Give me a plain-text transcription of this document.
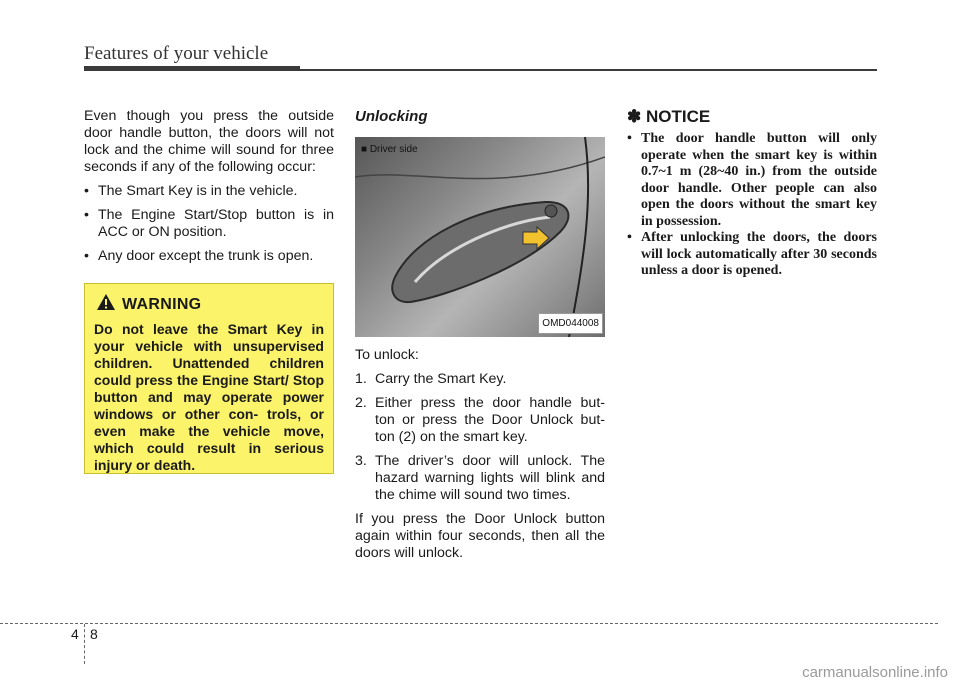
Features of your vehicle

Even though you press the outside door handle button, the doors will not lock and the chime will sound for three seconds if any of the following occur:

• The Smart Key is in the vehicle.
• The Engine Start/Stop button is in ACC or ON position.
• Any door except the trunk is open.
WARNING
Do not leave the Smart Key in your vehicle with unsupervised children. Unattended children could press the Engine Start/ Stop button and may operate power windows or other con- trols, or even make the vehicle move, which could result in serious injury or death.
Unlocking
■ Driver side
OMD044008

To unlock:

1. Carry the Smart Key.
2. Either press the door handle but- ton or press the Door Unlock but- ton (2) on the smart key.
3. The driver’s door will unlock. The hazard warning lights will blink and the chime will sound two times.

If you press the Door Unlock button again within four seconds, then all the doors will unlock.

✽ NOTICE
• The door handle button will only operate when the smart key is within 0.7~1 m (28~40 in.) from the outside door handle. Other people can also open the doors without the smart key in possession.
• After unlocking the doors, the doors will lock automatically after 30 seconds unless a door is opened.
4 8
carmanualsonline.info
